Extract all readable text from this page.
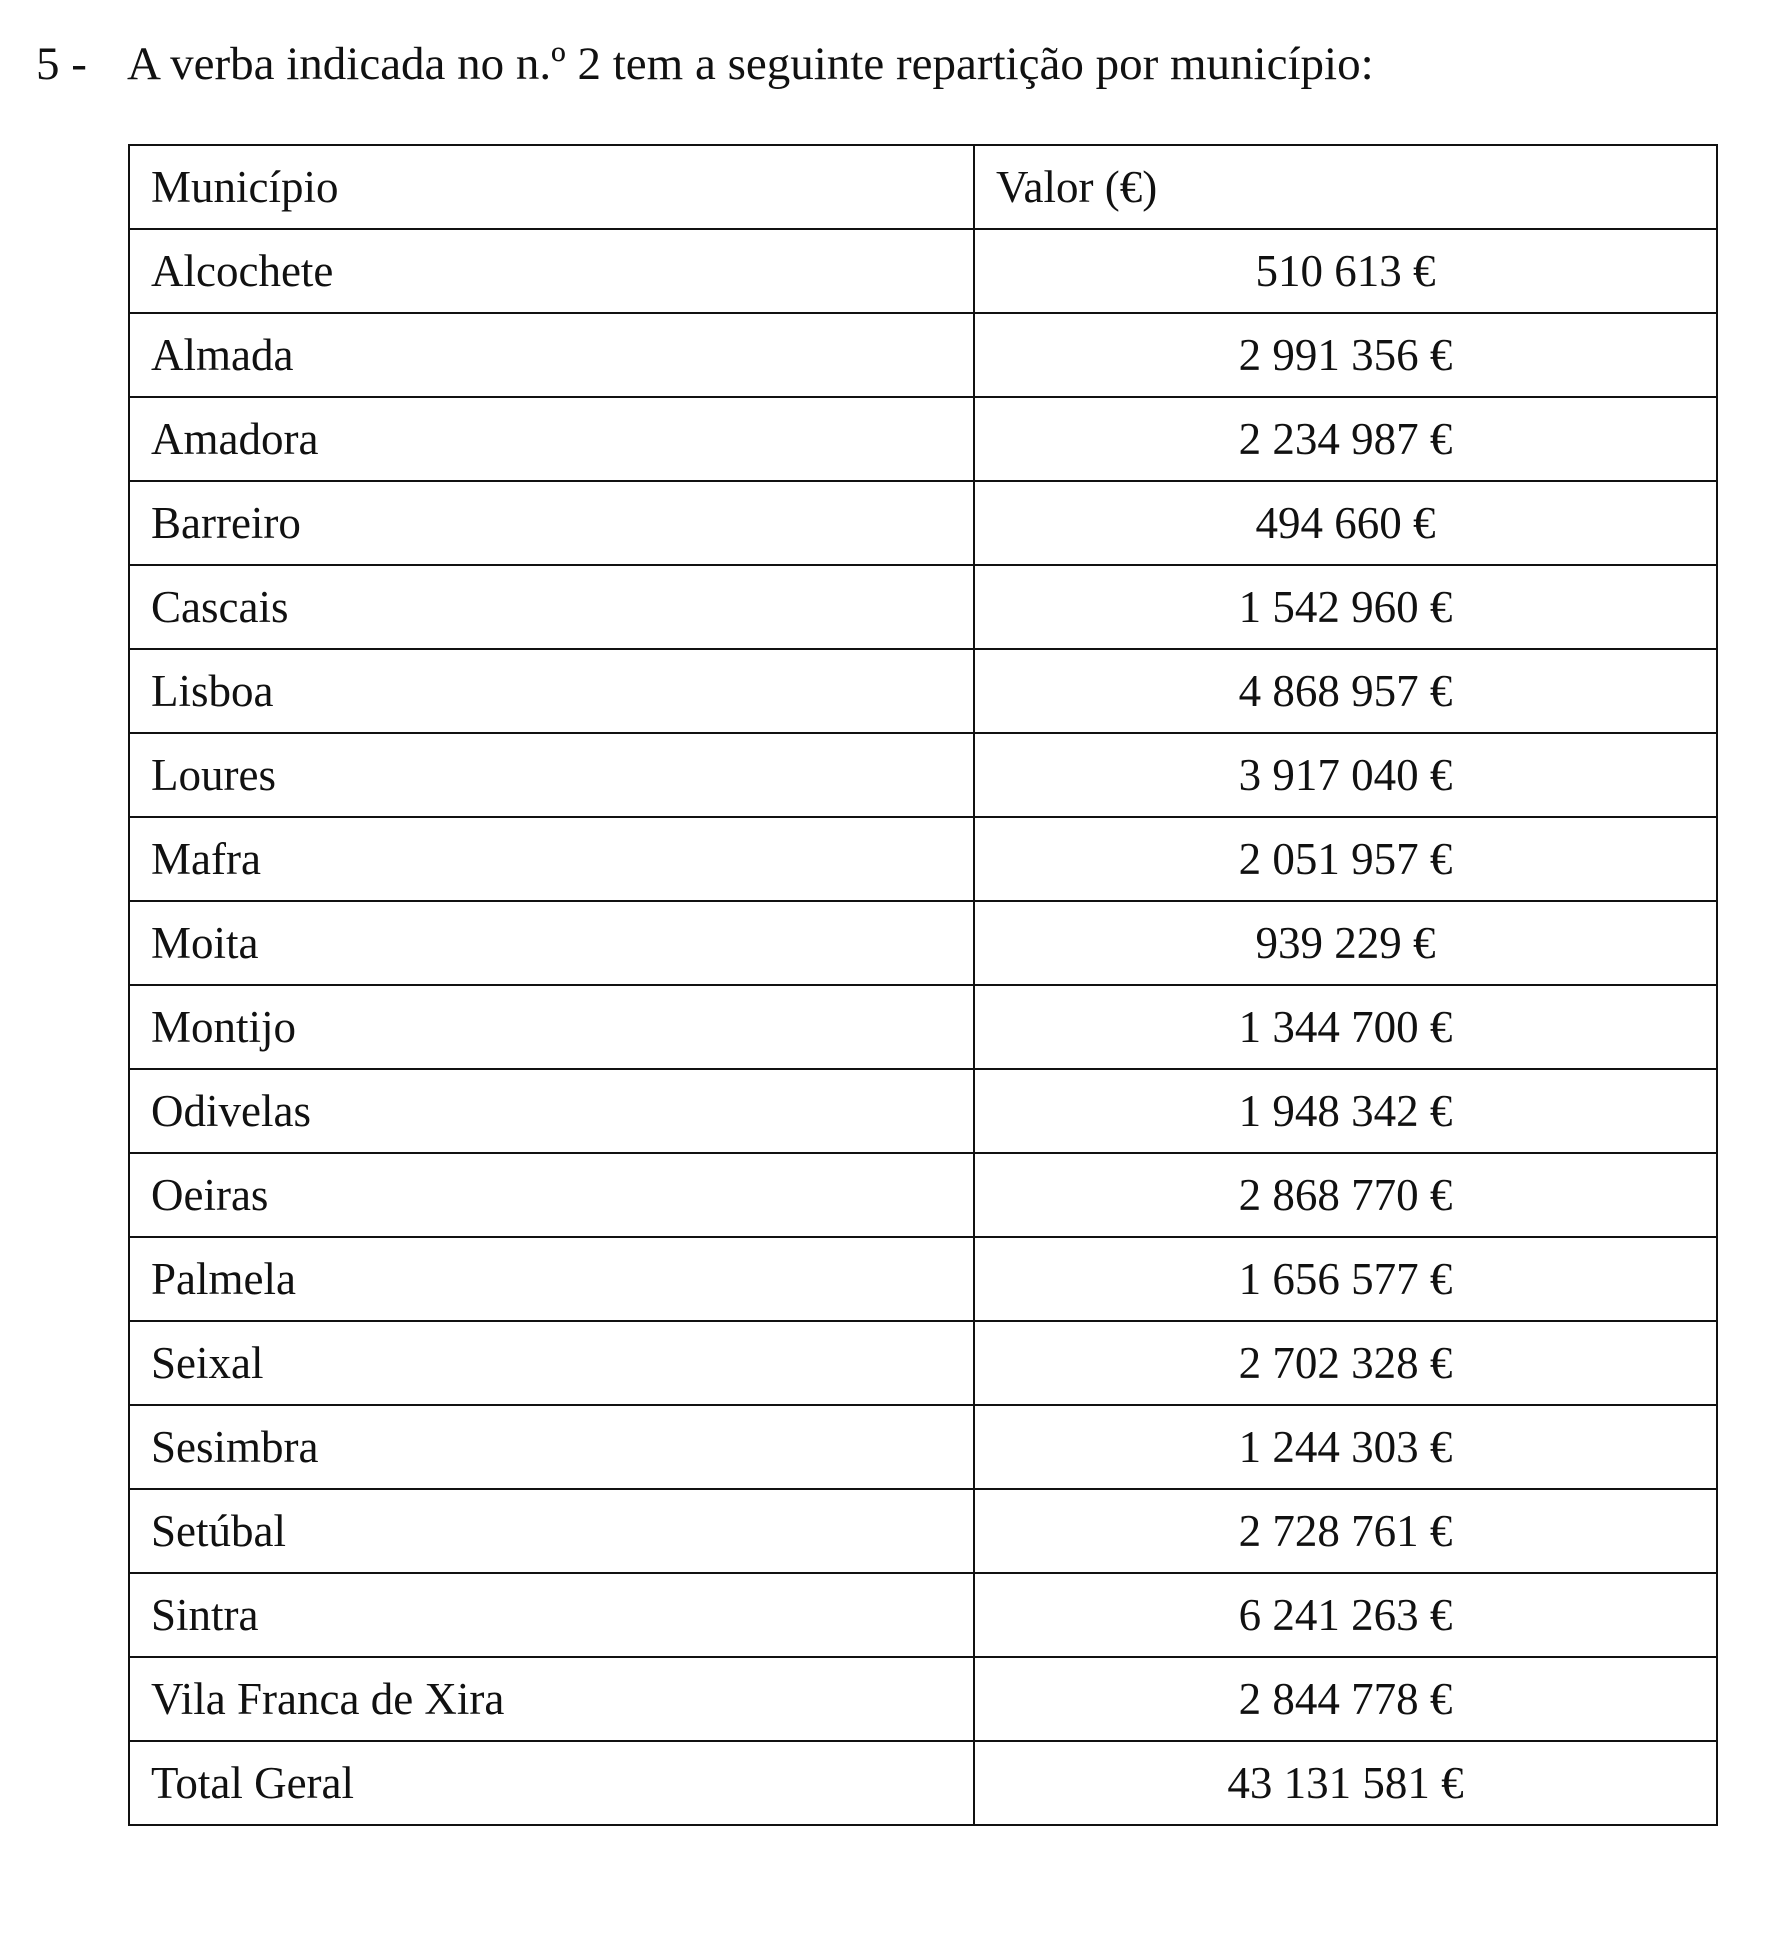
5 - A verba indicada no n.º 2 tem a seguinte repartição por município:
Município	Valor (€)
Alcochete	510 613 €
Almada	2 991 356 €
Amadora	2 234 987 €
Barreiro	494 660 €
Cascais	1 542 960 €
Lisboa	4 868 957 €
Loures	3 917 040 €
Mafra	2 051 957 €
Moita	939 229 €
Montijo	1 344 700 €
Odivelas	1 948 342 €
Oeiras	2 868 770 €
Palmela	1 656 577 €
Seixal	2 702 328 €
Sesimbra	1 244 303 €
Setúbal	2 728 761 €
Sintra	6 241 263 €
Vila Franca de Xira	2 844 778 €
Total Geral	43 131 581 €
